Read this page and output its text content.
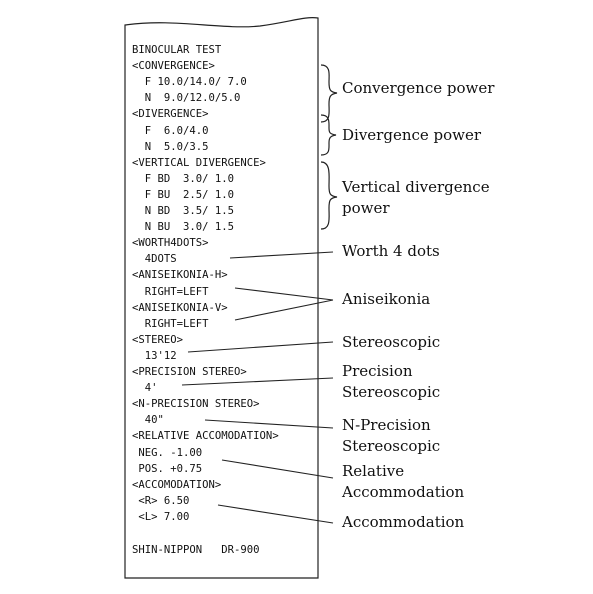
BINOCULAR TEST
<CONVERGENCE>
F 10.0/14.0/ 7.0
N  9.0/12.0/5.0
<DIVERGENCE>
F  6.0/4.0
N  5.0/3.5
<VERTICAL DIVERGENCE>
F BD  3.0/ 1.0
F BU  2.5/ 1.0
N BD  3.5/ 1.5
N BU  3.0/ 1.5
<WORTH4DOTS>
4DOTS
<ANISEIKONIA-H>
RIGHT=LEFT
<ANISEIKONIA-V>
RIGHT=LEFT
<STEREO>
13'12
<PRECISION STEREO>
4'
<N-PRECISION STEREO>
40"
<RELATIVE ACCOMODATION>
NEG. -1.00
POS. +0.75
<ACCOMODATION>
<R> 6.50
<L> 7.00
SHIN-NIPPON   DR-900
Convergence power
Divergence power
Vertical divergence
power
Worth 4 dots
Aniseikonia
Stereoscopic
Precision
Stereoscopic
N-Precision
Stereoscopic
Relative
Accommodation
Accommodation
